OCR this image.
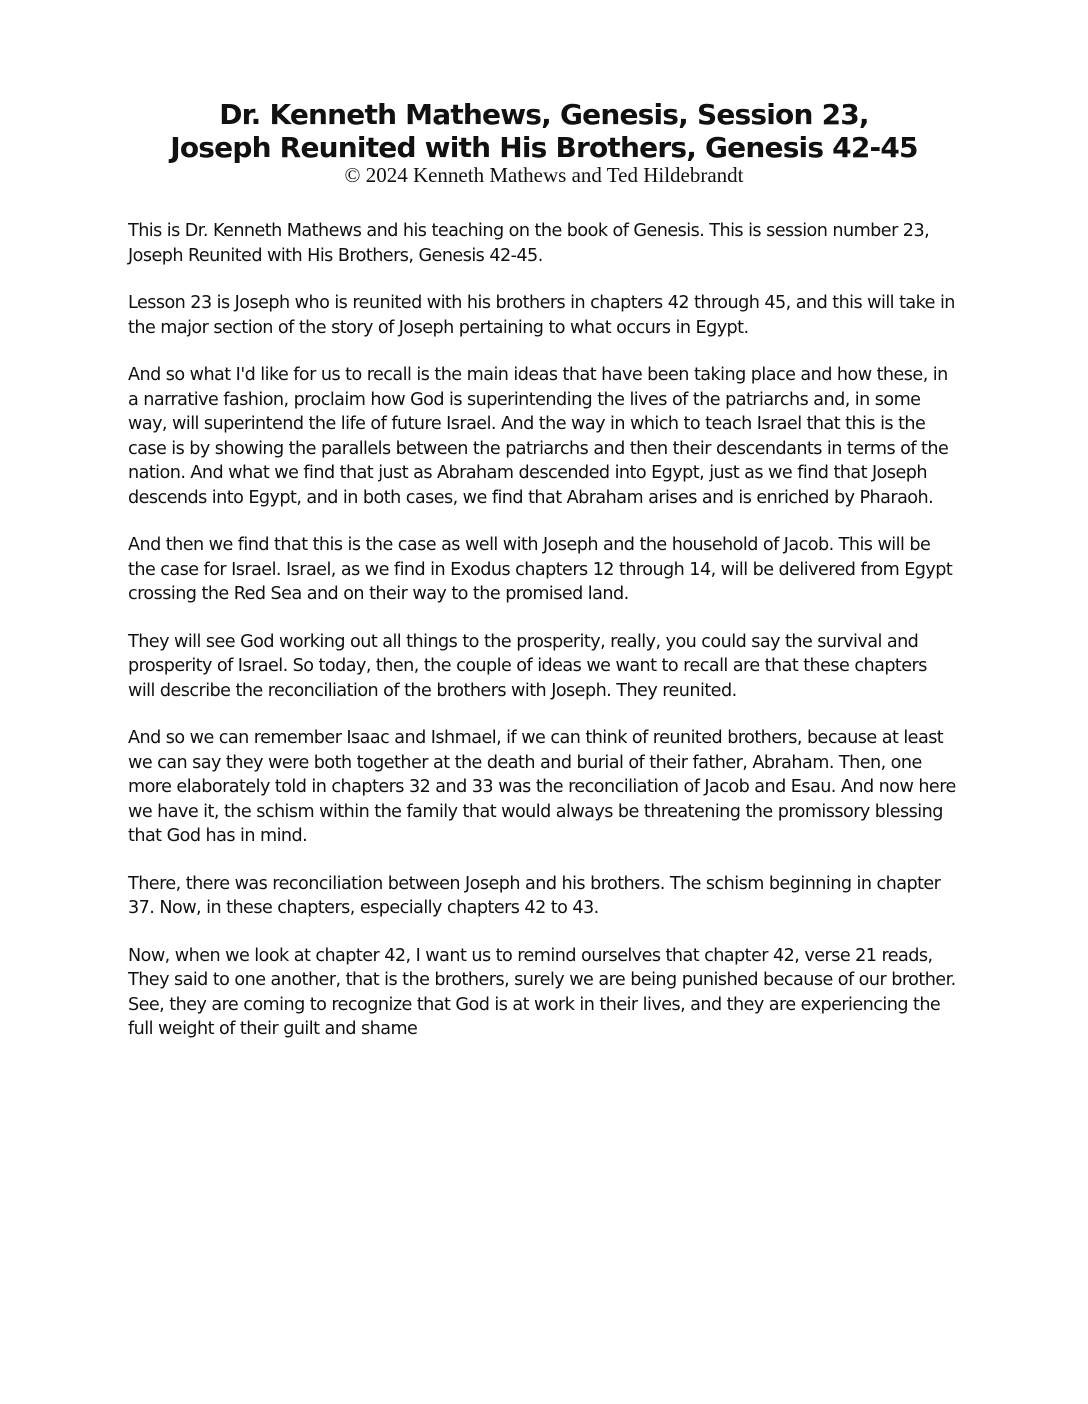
Dr. Kenneth Mathews, Genesis, Session 23,

Joseph Reunited with His Brothers, Genesis 42-45

© 2024 Kenneth Mathews and Ted Hildebrandt

This is Dr. Kenneth Mathews and his teaching on the book of Genesis. This is session number 23, Joseph Reunited with His Brothers, Genesis 42-45.

Lesson 23 is Joseph who is reunited with his brothers in chapters 42 through 45, and this will take in the major section of the story of Joseph pertaining to what occurs in Egypt.

And so what I'd like for us to recall is the main ideas that have been taking place and how these, in a narrative fashion, proclaim how God is superintending the lives of the patriarchs and, in some way, will superintend the life of future Israel. And the way in which to teach Israel that this is the case is by showing the parallels between the patriarchs and then their descendants in terms of the nation. And what we find that just as Abraham descended into Egypt, just as we find that Joseph descends into Egypt, and in both cases, we find that Abraham arises and is enriched by Pharaoh.

And then we find that this is the case as well with Joseph and the household of Jacob. This will be the case for Israel. Israel, as we find in Exodus chapters 12 through 14, will be delivered from Egypt crossing the Red Sea and on their way to the promised land.

They will see God working out all things to the prosperity, really, you could say the survival and prosperity of Israel. So today, then, the couple of ideas we want to recall are that these chapters will describe the reconciliation of the brothers with Joseph. They reunited.

And so we can remember Isaac and Ishmael, if we can think of reunited brothers, because at least we can say they were both together at the death and burial of their father, Abraham. Then, one more elaborately told in chapters 32 and 33 was the reconciliation of Jacob and Esau. And now here we have it, the schism within the family that would always be threatening the promissory blessing that God has in mind.

There, there was reconciliation between Joseph and his brothers. The schism beginning in chapter 37. Now, in these chapters, especially chapters 42 to 43.

Now, when we look at chapter 42, I want us to remind ourselves that chapter 42, verse 21 reads, They said to one another, that is the brothers, surely we are being punished because of our brother. See, they are coming to recognize that God is at work in their lives, and they are experiencing the full weight of their guilt and shame
